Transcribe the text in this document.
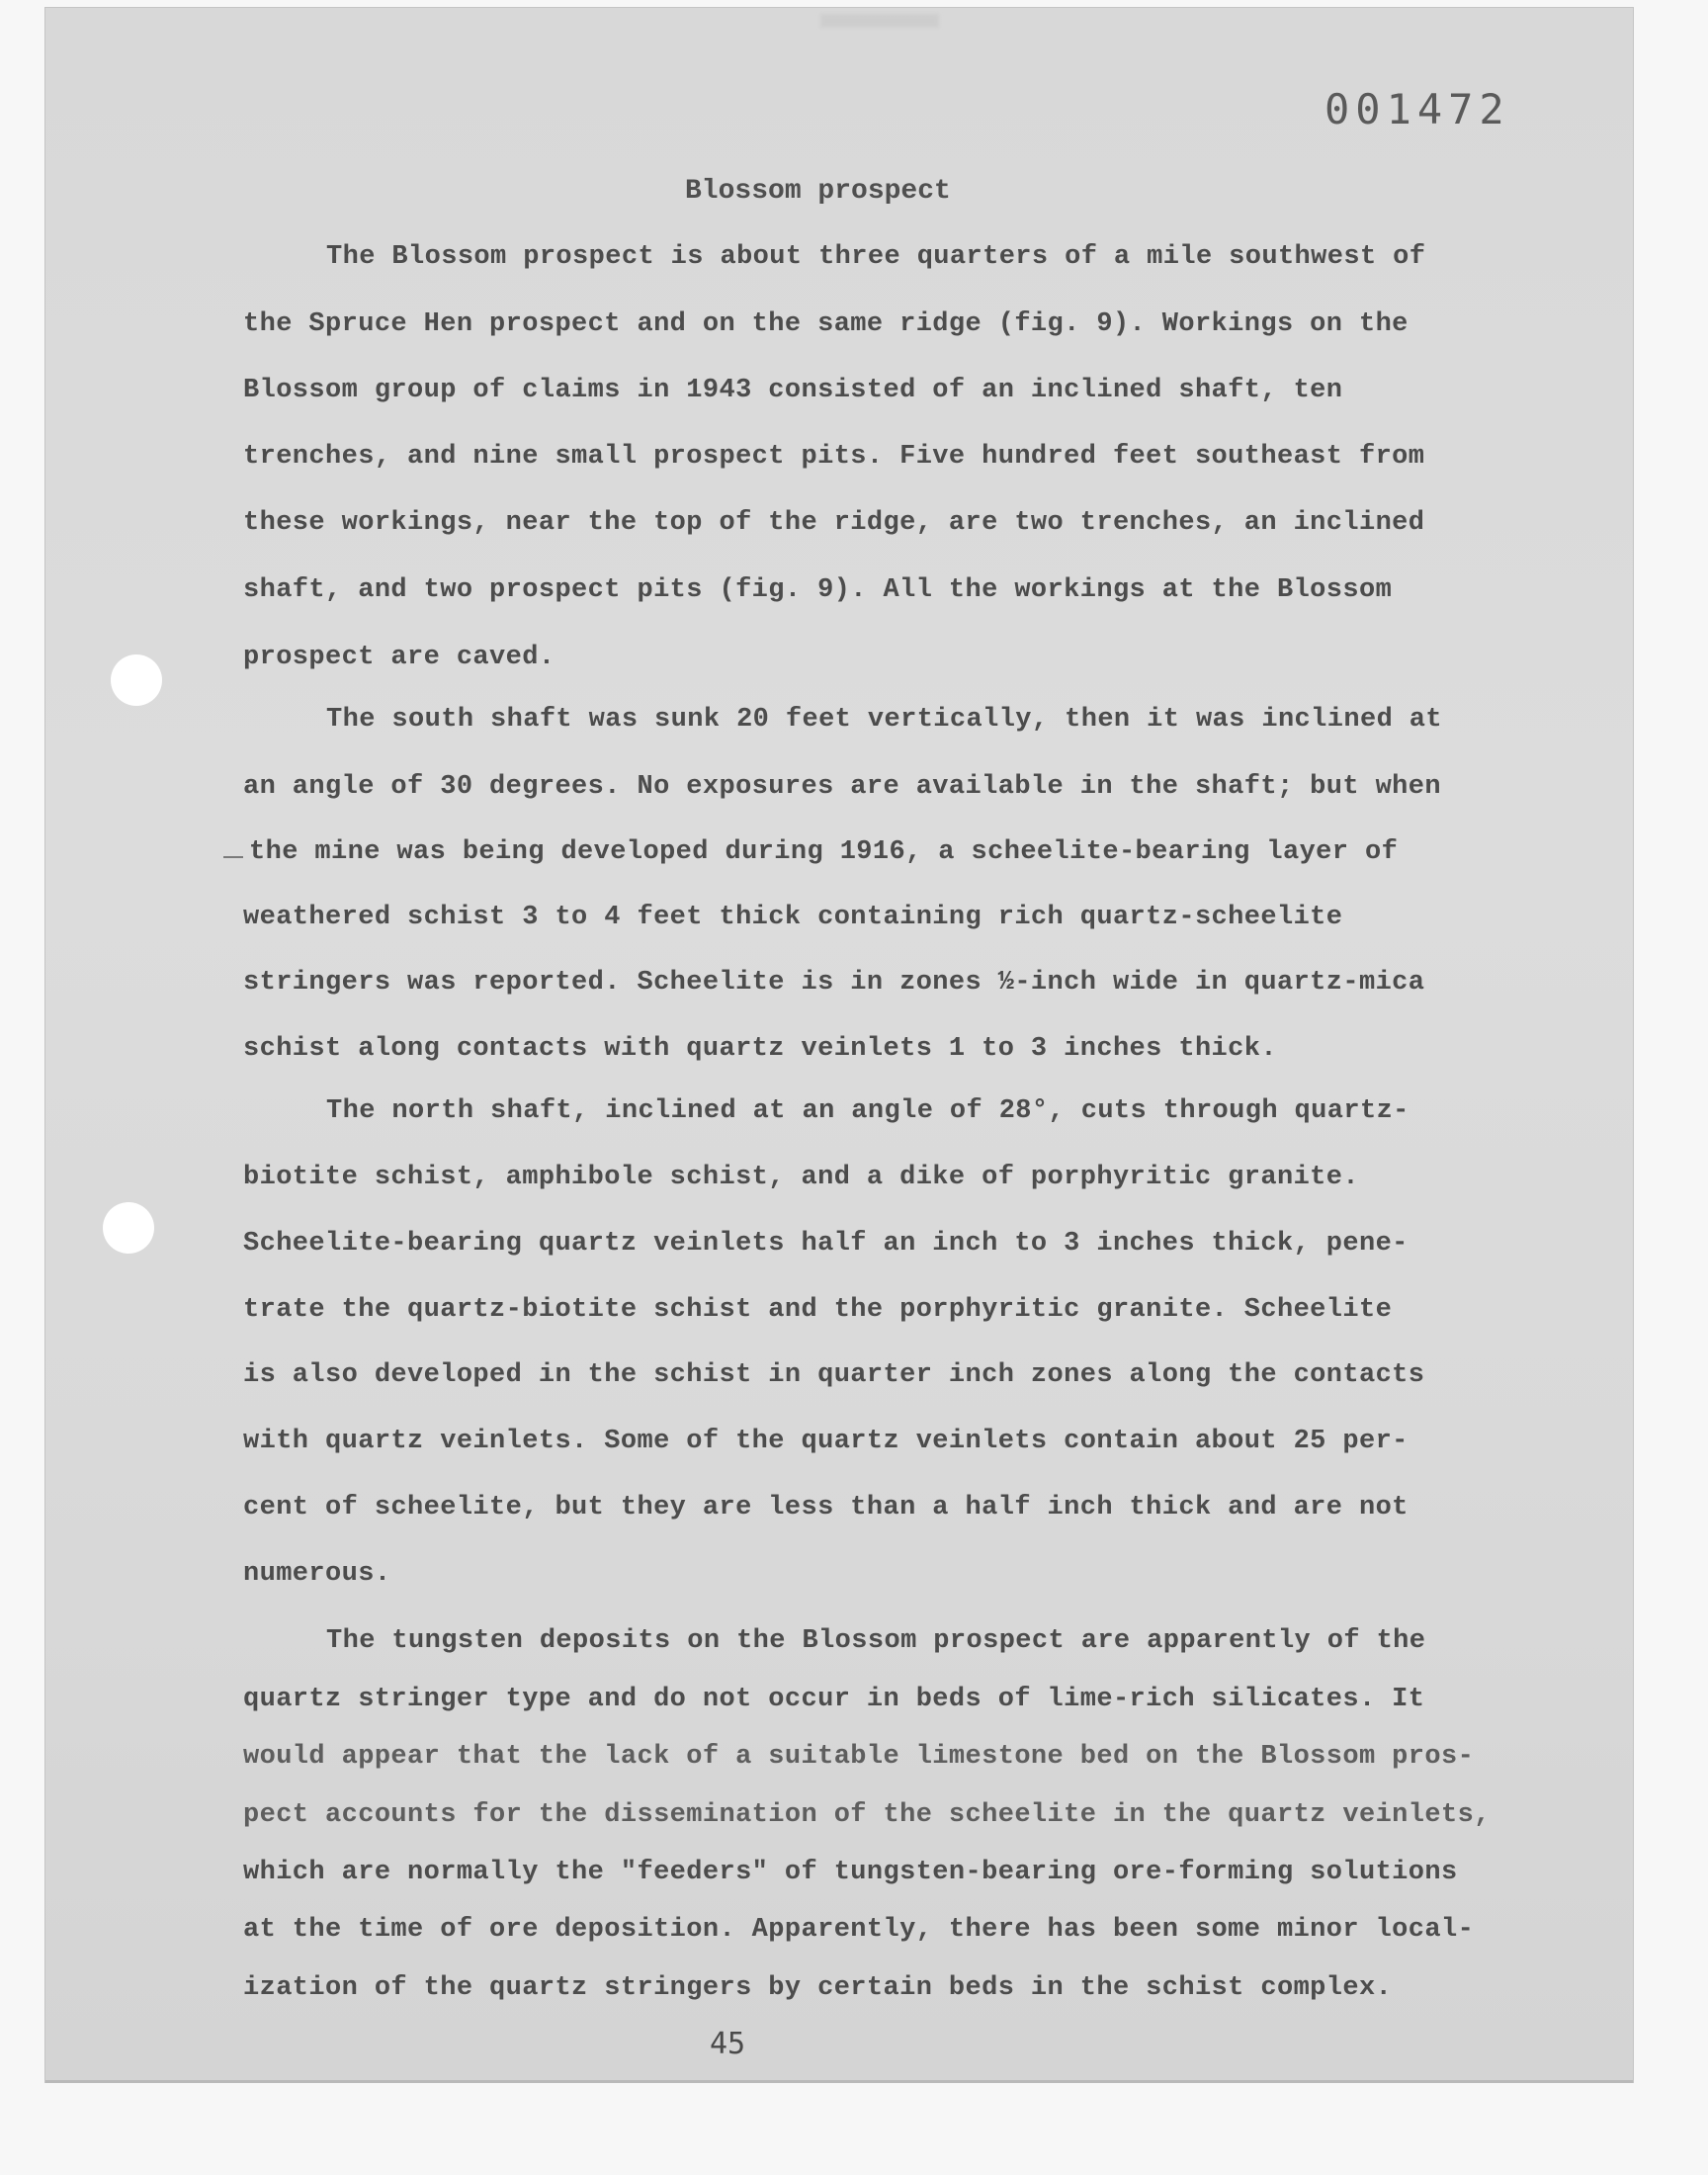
001472
Blossom prospect
The Blossom prospect is about three quarters of a mile southwest of
the Spruce Hen prospect and on the same ridge (fig. 9). Workings on the
Blossom group of claims in 1943 consisted of an inclined shaft, ten
trenches, and nine small prospect pits. Five hundred feet southeast from
these workings, near the top of the ridge, are two trenches, an inclined
shaft, and two prospect pits (fig. 9). All the workings at the Blossom
prospect are caved.
The south shaft was sunk 20 feet vertically, then it was inclined at
an angle of 30 degrees. No exposures are available in the shaft; but when
the mine was being developed during 1916, a scheelite-bearing layer of
weathered schist 3 to 4 feet thick containing rich quartz-scheelite
stringers was reported. Scheelite is in zones ½-inch wide in quartz-mica
schist along contacts with quartz veinlets 1 to 3 inches thick.
The north shaft, inclined at an angle of 28°, cuts through quartz-
biotite schist, amphibole schist, and a dike of porphyritic granite.
Scheelite-bearing quartz veinlets half an inch to 3 inches thick, pene-
trate the quartz-biotite schist and the porphyritic granite. Scheelite
is also developed in the schist in quarter inch zones along the contacts
with quartz veinlets. Some of the quartz veinlets contain about 25 per-
cent of scheelite, but they are less than a half inch thick and are not
numerous.
The tungsten deposits on the Blossom prospect are apparently of the
quartz stringer type and do not occur in beds of lime-rich silicates. It
would appear that the lack of a suitable limestone bed on the Blossom pros-
pect accounts for the dissemination of the scheelite in the quartz veinlets,
which are normally the "feeders" of tungsten-bearing ore-forming solutions
at the time of ore deposition. Apparently, there has been some minor local-
ization of the quartz stringers by certain beds in the schist complex.
45
